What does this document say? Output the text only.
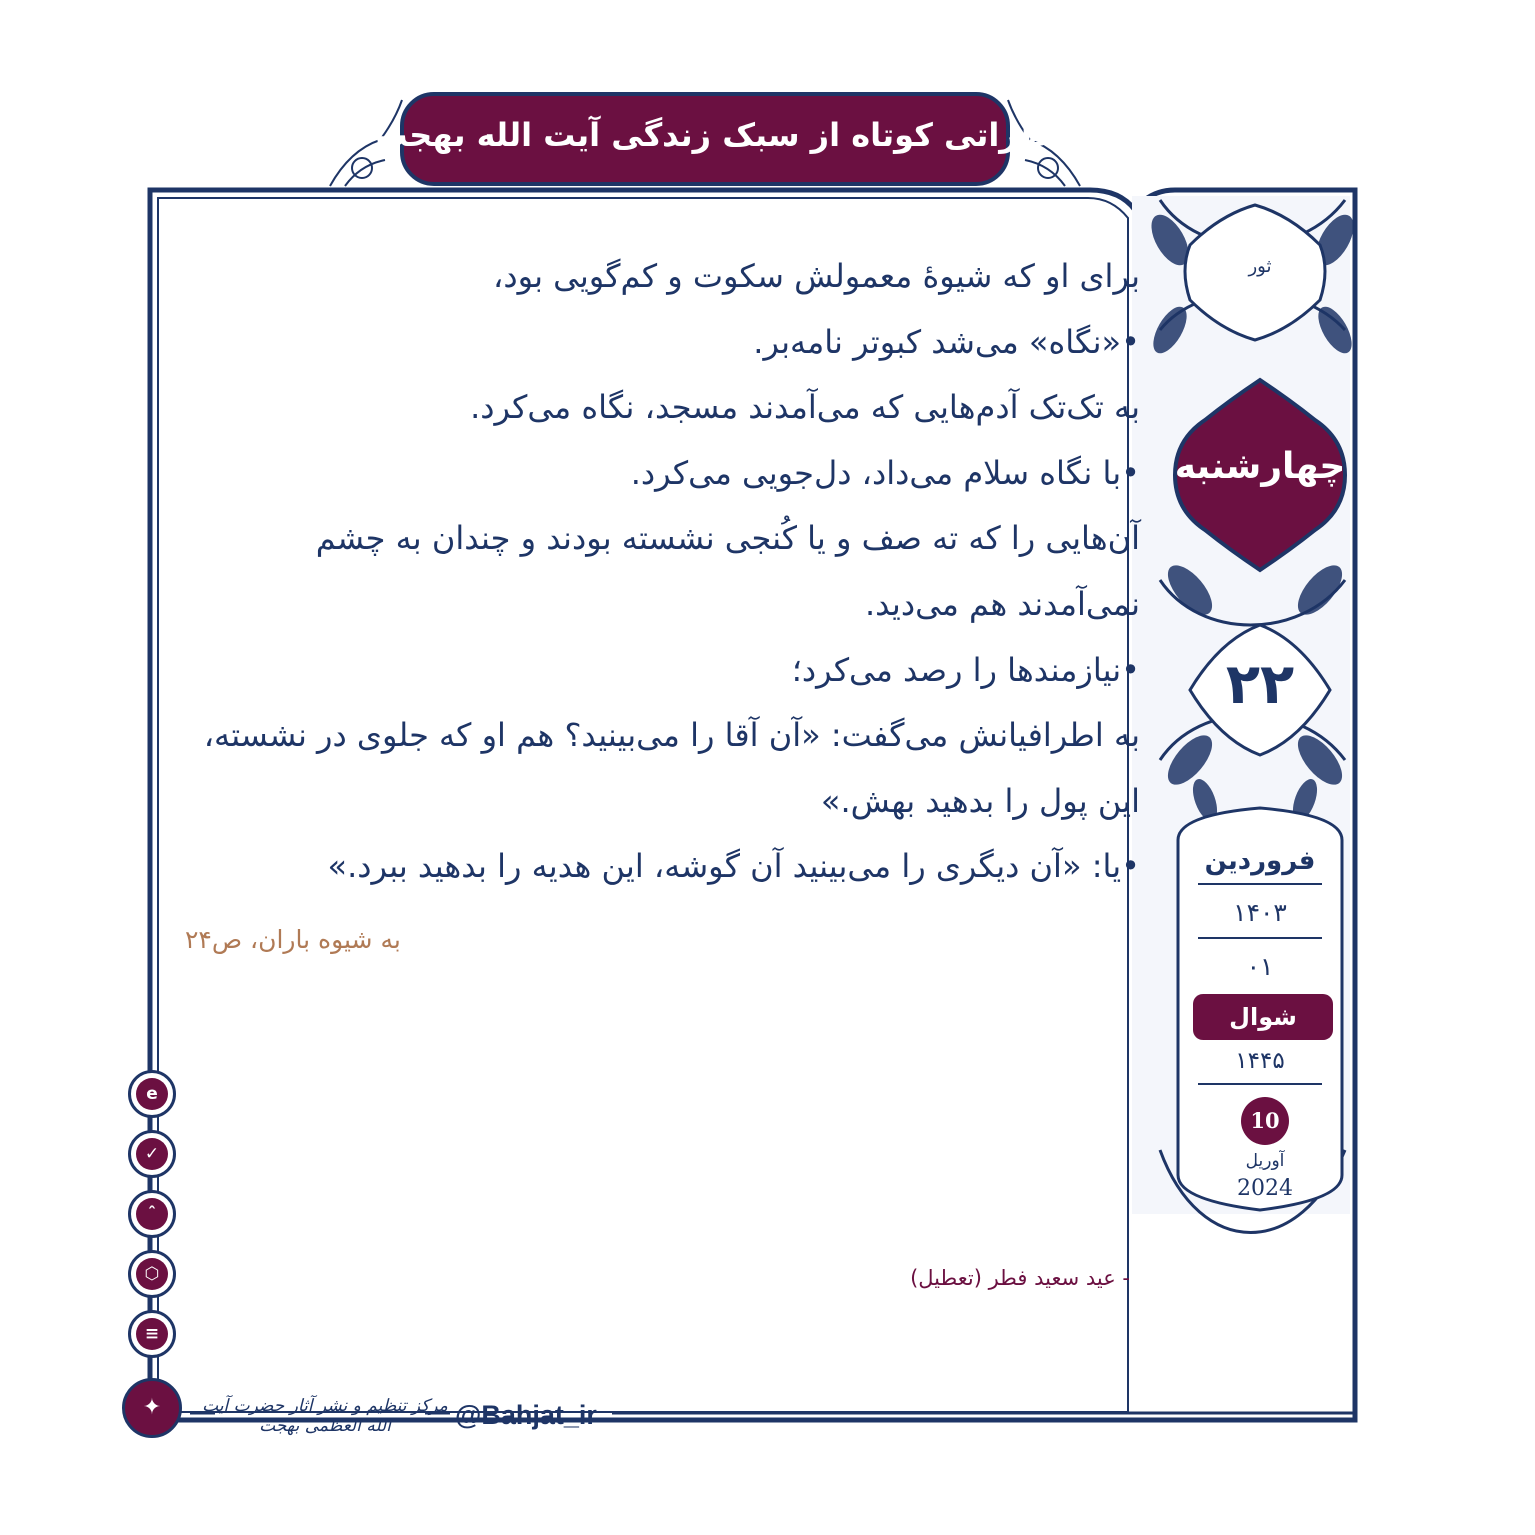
خاطراتی کوتاه از سبک زندگی آیت الله بهجت ﷺ

برای او که شیوهٔ معمولش سکوت و کم‌گویی بود،

•«نگاه» می‌شد کبوتر نامه‌بر.

به تک‌تک آدم‌هایی که می‌آمدند مسجد، نگاه می‌کرد.

•با نگاه سلام می‌داد، دل‌جویی می‌کرد.

آن‌هایی را که ته صف و یا کُنجی نشسته بودند و چندان به چشم نمی‌آمدند هم می‌دید.

•نیازمندها را رصد می‌کرد؛

به اطرافیانش می‌گفت: «آن آقا را می‌بینید؟ هم او که جلوی در نشسته، این پول را بدهید بهش.»

•یا: «آن دیگری را می‌بینید آن گوشه، این هدیه را بدهید ببرد.»

به شیوه باران، ص۲۴
- عید سعید فطر (تعطیل)
ثور
چهارشنبه
۲۲
فروردین
۱۴۰۳
۰۱
شوال
۱۴۴۵
10
آوریل
2024
e
✓
ˆ
⬡
≡
✦	مرکز تنظیم و نشر آثار حضرت آیت الله العظمی بهجت	@Bahjat_ir
